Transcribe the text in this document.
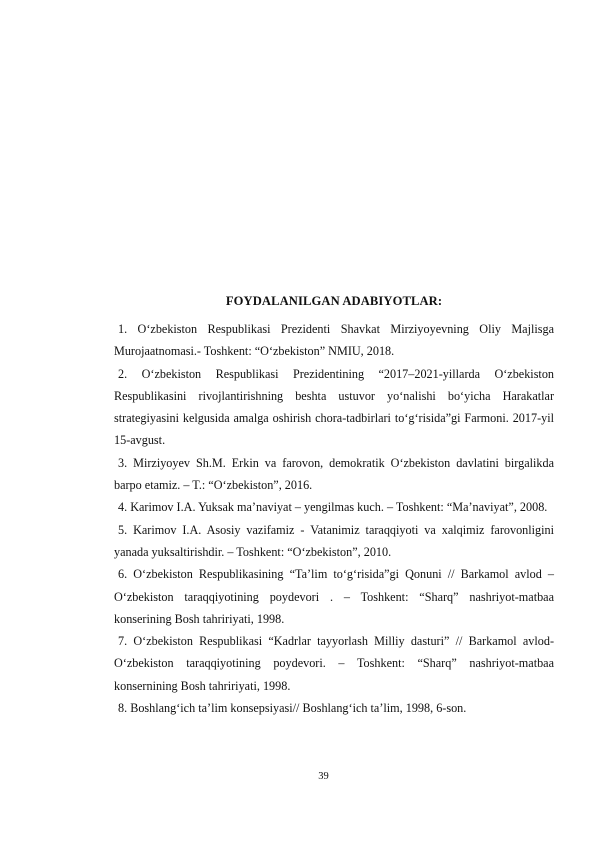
FOYDALANILGAN ADABIYOTLAR:

1. O‘zbekiston Respublikasi Prezidenti Shavkat Mirziyoyevning Oliy Majlisga Murojaatnomasi.- Toshkent: “O‘zbekiston” NMIU, 2018.

2. O‘zbekiston Respublikasi Prezidentining “2017–2021-yillarda O‘zbekiston Respublikasini rivojlantirishning beshta ustuvor yo‘nalishi bo‘yicha Harakatlar strategiyasini kelgusida amalga oshirish chora-tadbirlari to‘g‘risida”gi Farmoni. 2017-yil 15-avgust.

3. Mirziyoyev Sh.M. Erkin va farovon, demokratik O‘zbekiston davlatini birgalikda barpo etamiz. – T.: “O‘zbekiston”, 2016.

4. Karimov I.A. Yuksak ma’naviyat – yengilmas kuch. – Toshkent: “Ma’naviyat”, 2008.

5. Karimov I.A. Asosiy vazifamiz - Vatanimiz taraqqiyoti va xalqimiz farovonligini yanada yuksaltirishdir. – Toshkent: “O‘zbekiston”, 2010.

6. O‘zbekiston Respublikasining “Ta’lim to‘g‘risida”gi Qonuni // Barkamol avlod – O‘zbekiston taraqqiyotining poydevori . – Toshkent: “Sharq” nashriyot-matbaa konserining Bosh tahririyati, 1998.

7. O‘zbekiston Respublikasi “Kadrlar tayyorlash Milliy dasturi” // Barkamol avlod- O‘zbekiston taraqqiyotining poydevori. – Toshkent: “Sharq” nashriyot-matbaa konsernining Bosh tahririyati, 1998.

8. Boshlang‘ich ta’lim konsepsiyasi// Boshlang‘ich ta’lim, 1998, 6-son.

39
